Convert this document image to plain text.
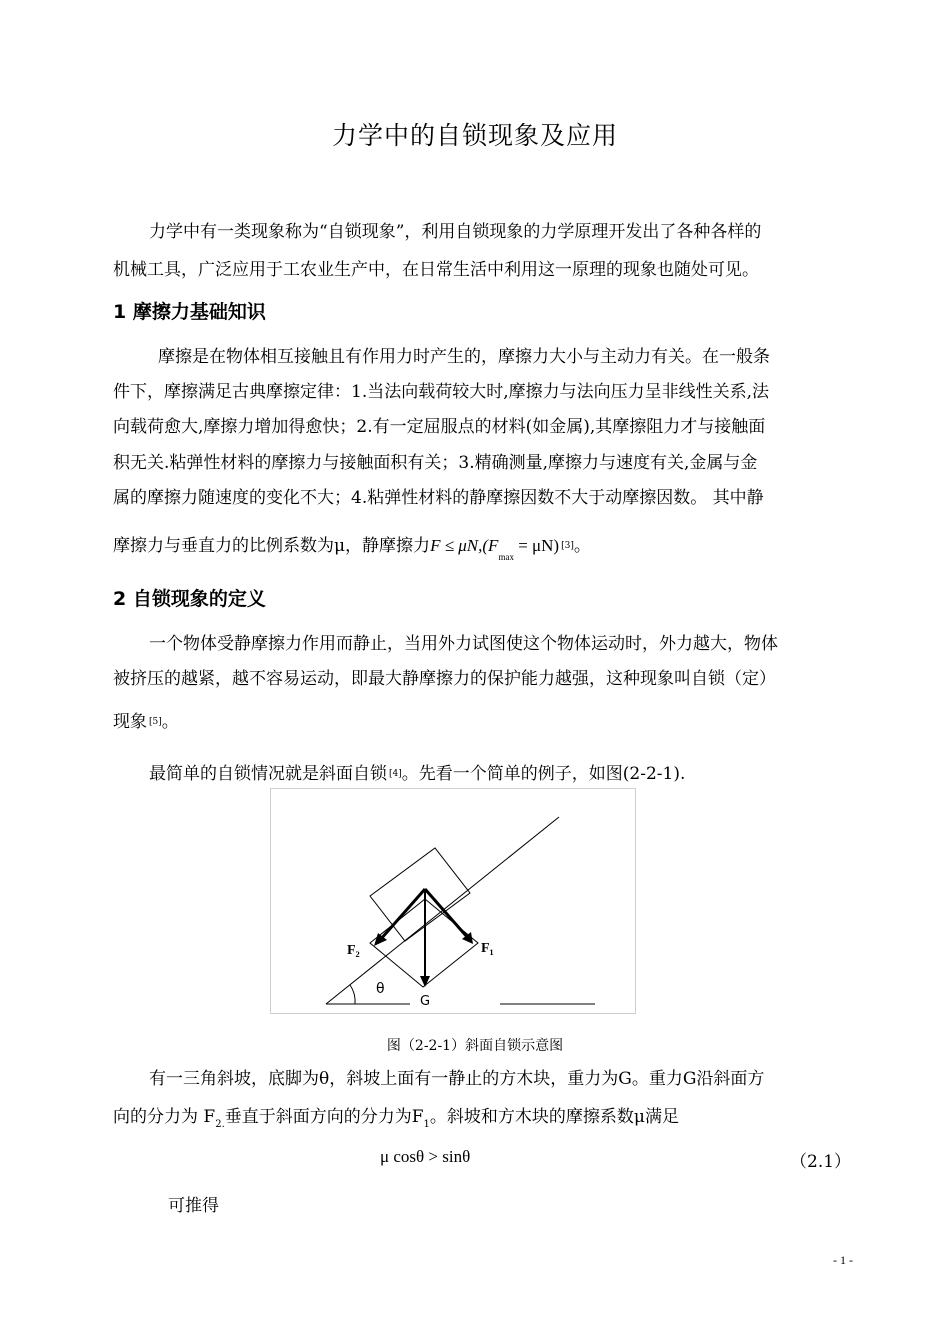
力学中的自锁现象及应用

力学中有一类现象称为“自锁现象”，利用自锁现象的力学原理开发出了各种各样的

机械工具，广泛应用于工农业生产中，在日常生活中利用这一原理的现象也随处可见。

1 摩擦力基础知识

摩擦是在物体相互接触且有作用力时产生的，摩擦力大小与主动力有关。在一般条

件下，摩擦满足古典摩擦定律：1.当法向载荷较大时,摩擦力与法向压力呈非线性关系,法

向载荷愈大,摩擦力增加得愈快；2.有一定屈服点的材料(如金属),其摩擦阻力才与接触面

积无关.粘弹性材料的摩擦力与接触面积有关；3.精确测量,摩擦力与速度有关,金属与金

属的摩擦力随速度的变化不大；4.粘弹性材料的静摩擦因数不大于动摩擦因数。 其中静

摩擦力与垂直力的比例系数为μ，静摩擦力$F \le \mu N,(F_{max} = \mu N)$ [3]。

2 自锁现象的定义

一个物体受静摩擦力作用而静止，当用外力试图使这个物体运动时，外力越大，物体

被挤压的越紧，越不容易运动，即最大静摩擦力的保护能力越强，这种现象叫自锁（定）

现象 [5]。

最简单的自锁情况就是斜面自锁 [4]。先看一个简单的例子，如图(2-2-1).

F₂	F₁
θ
G
图（2-2-1）斜面自锁示意图

有一三角斜坡，底脚为θ，斜坡上面有一静止的方木块，重力为G。重力G沿斜面方

向的分力为 $F_{2.}$垂直于斜面方向的分力为$F_1$。斜坡和方木块的摩擦系数μ满足

μ cosθ > sinθ	（2.1）
可推得
- 1 -
